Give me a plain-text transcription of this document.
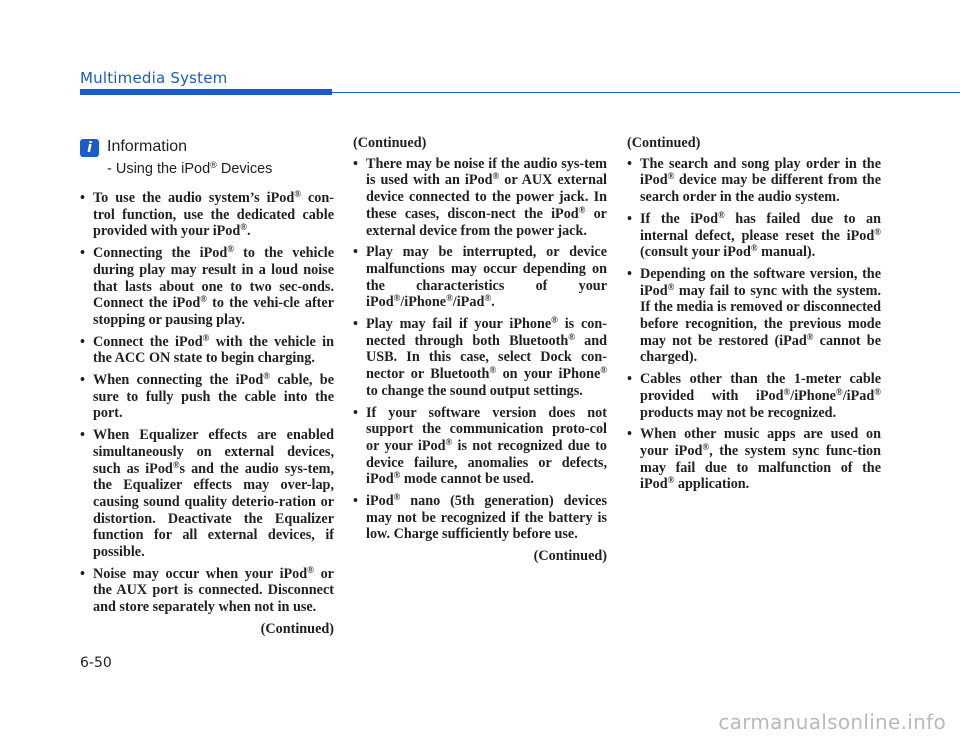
Multimedia System
i Information
- Using the iPod® Devices
• To use the audio system’s iPod® con-trol function, use the dedicated cable provided with your iPod®.
• Connecting the iPod® to the vehicle during play may result in a loud noise that lasts about one to two sec-onds. Connect the iPod® to the vehi-cle after stopping or pausing play.
• Connect the iPod® with the vehicle in the ACC ON state to begin charging.
• When connecting the iPod® cable, be sure to fully push the cable into the port.
• When Equalizer effects are enabled simultaneously on external devices, such as iPod®s and the audio sys-tem, the Equalizer effects may over-lap, causing sound quality deterio-ration or distortion. Deactivate the Equalizer function for all external devices, if possible.
• Noise may occur when your iPod® or the AUX port is connected. Disconnect and store separately when not in use.
(Continued)
(Continued)
• There may be noise if the audio sys-tem is used with an iPod® or AUX external device connected to the power jack. In these cases, discon-nect the iPod® or external device from the power jack.
• Play may be interrupted, or device malfunctions may occur depending on the characteristics of your iPod®/iPhone®/iPad®.
• Play may fail if your iPhone® is con-nected through both Bluetooth® and USB. In this case, select Dock con-nector or Bluetooth® on your iPhone® to change the sound output settings.
• If your software version does not support the communication proto-col or your iPod® is not recognized due to device failure, anomalies or defects, iPod® mode cannot be used.
• iPod® nano (5th generation) devices may not be recognized if the battery is low. Charge sufficiently before use.
(Continued)
(Continued)
• The search and song play order in the iPod® device may be different from the search order in the audio system.
• If the iPod® has failed due to an internal defect, please reset the iPod® (consult your iPod® manual).
• Depending on the software version, the iPod® may fail to sync with the system. If the media is removed or disconnected before recognition, the previous mode may not be restored (iPad® cannot be charged).
• Cables other than the 1-meter cable provided with iPod®/iPhone®/iPad® products may not be recognized.
• When other music apps are used on your iPod®, the system sync func-tion may fail due to malfunction of the iPod® application.
6-50
carmanualsonline.info
